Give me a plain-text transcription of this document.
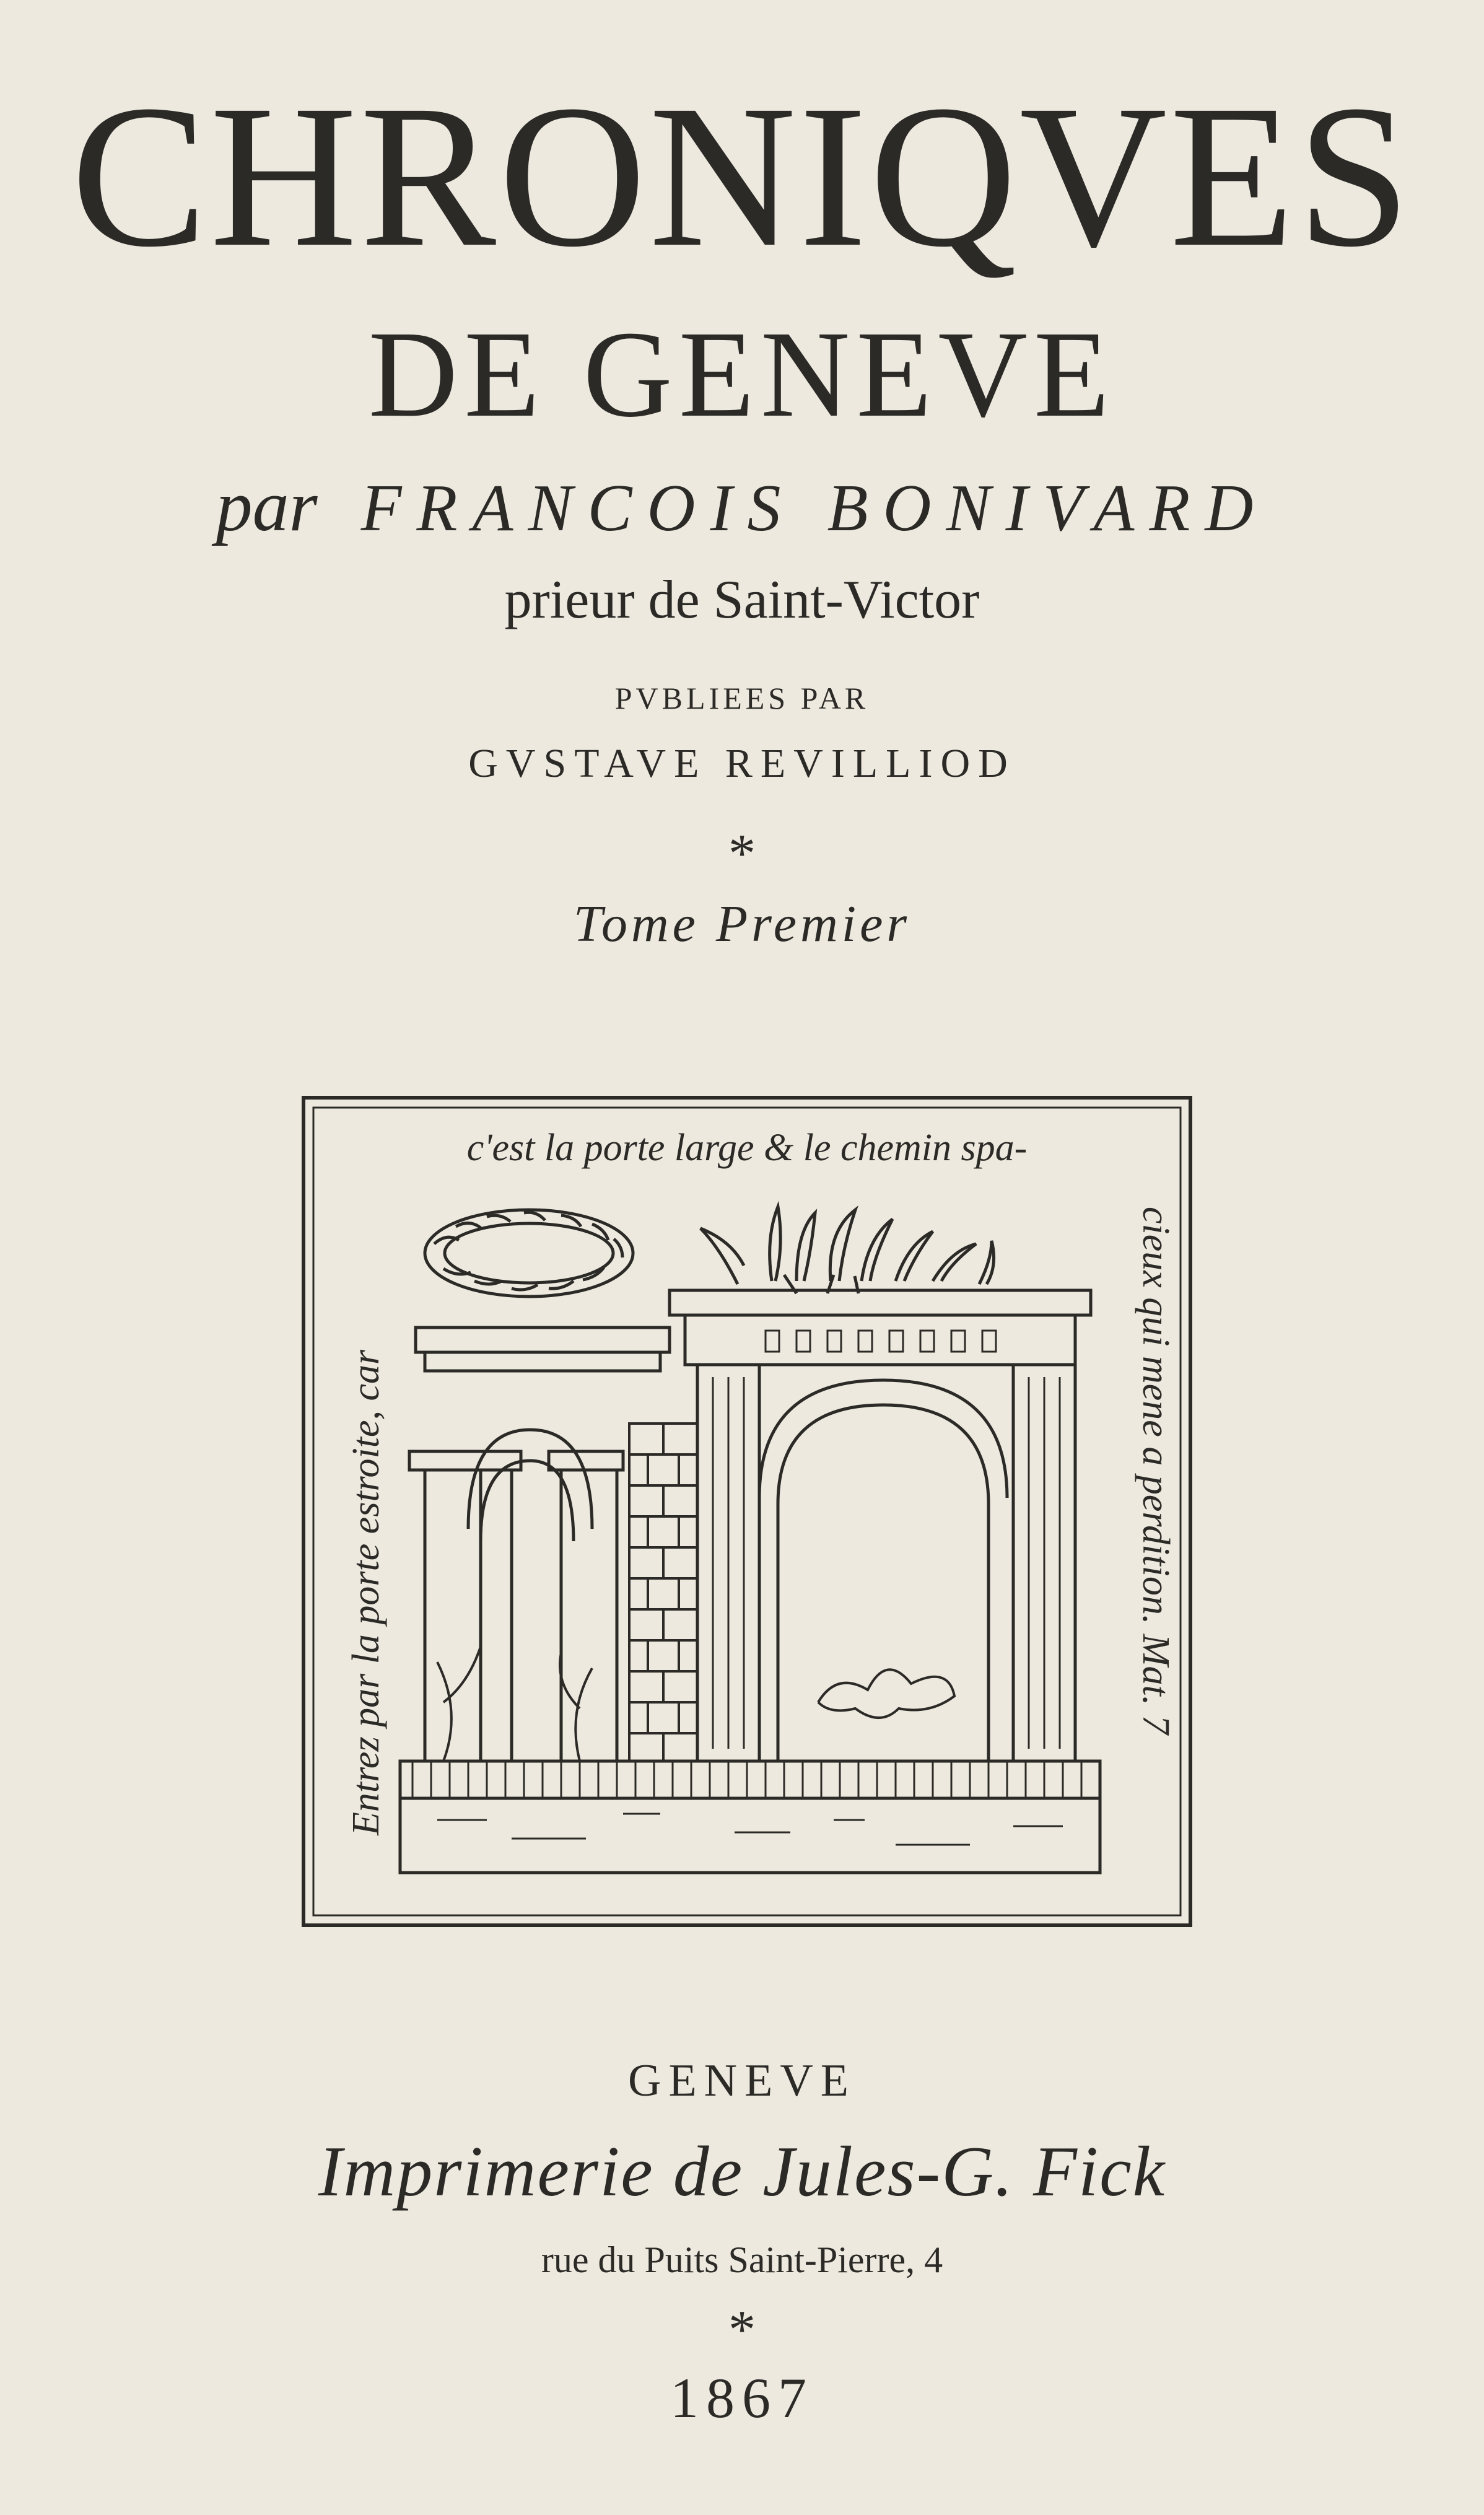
CHRONIQVES
DE GENEVE
par FRANCOIS BONIVARD
prieur de Saint-Victor
PVBLIEES PAR
GVSTAVE REVILLIOD
*
Tome Premier
c'est la porte large & le chemin spa-
cieux qui mene a perdition. Mat. 7
Entrez par la porte estroite, car
GENEVE
Imprimerie de Jules-G. Fick
rue du Puits Saint-Pierre, 4
*
1867
